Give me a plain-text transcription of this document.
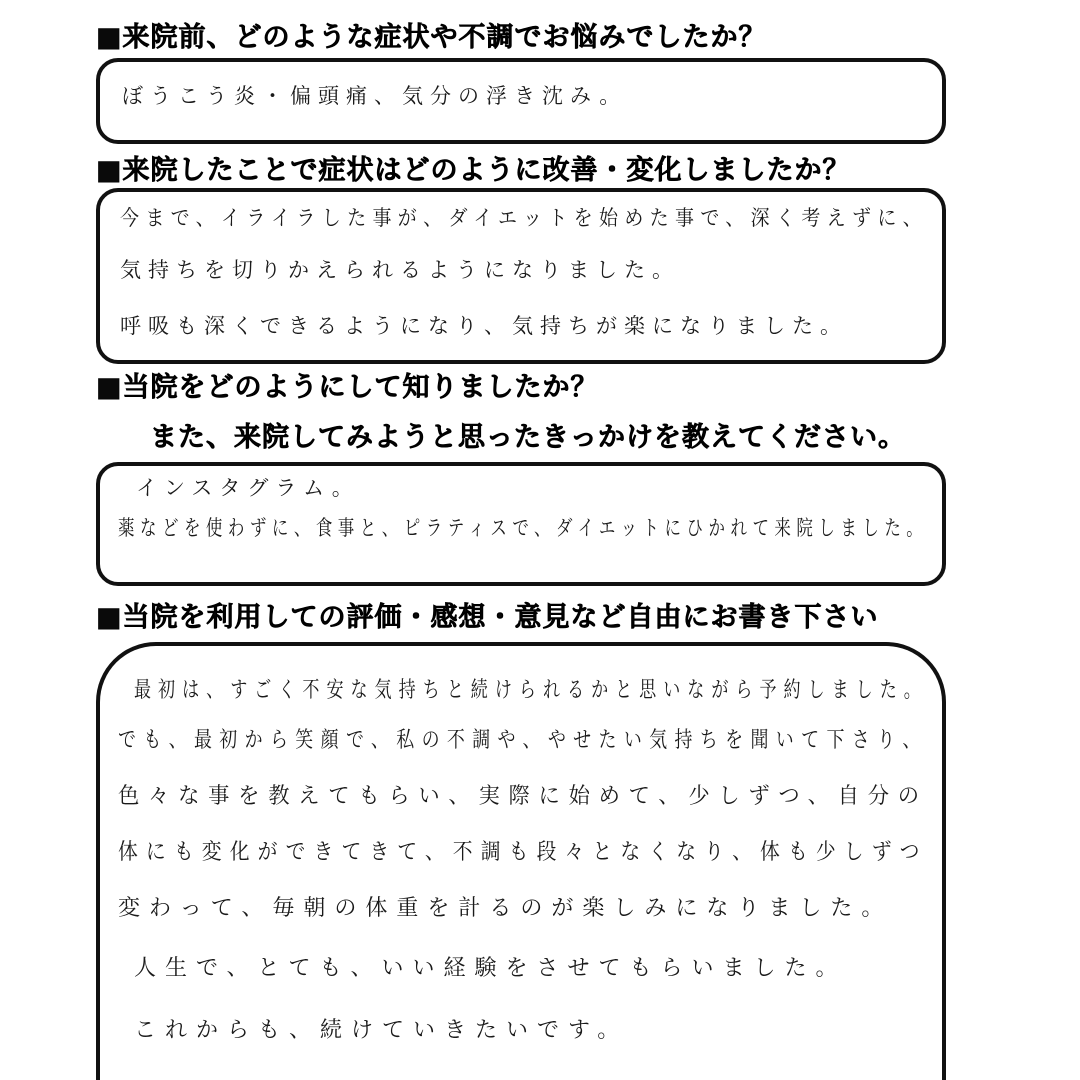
■来院前、どのような症状や不調でお悩みでしたか？
ぼうこう炎・偏頭痛、気分の浮き沈み。
■来院したことで症状はどのように改善・変化しましたか？
今まで、イライラした事が、ダイエットを始めた事で、深く考えずに、
気持ちを切りかえられるようになりました。
呼吸も深くできるようになり、気持ちが楽になりました。
■当院をどのようにして知りましたか？
また、来院してみようと思ったきっかけを教えてください。
インスタグラム。
薬などを使わずに、食事と、ピラティスで、ダイエットにひかれて来院しました。
■当院を利用しての評価・感想・意見など自由にお書き下さい
最初は、すごく不安な気持ちと続けられるかと思いながら予約しました。
でも、最初から笑顔で、私の不調や、やせたい気持ちを聞いて下さり、
色々な事を教えてもらい、実際に始めて、少しずつ、自分の
体にも変化ができてきて、不調も段々となくなり、体も少しずつ
変わって、毎朝の体重を計るのが楽しみになりました。
人生で、とても、いい経験をさせてもらいました。
これからも、続けていきたいです。
